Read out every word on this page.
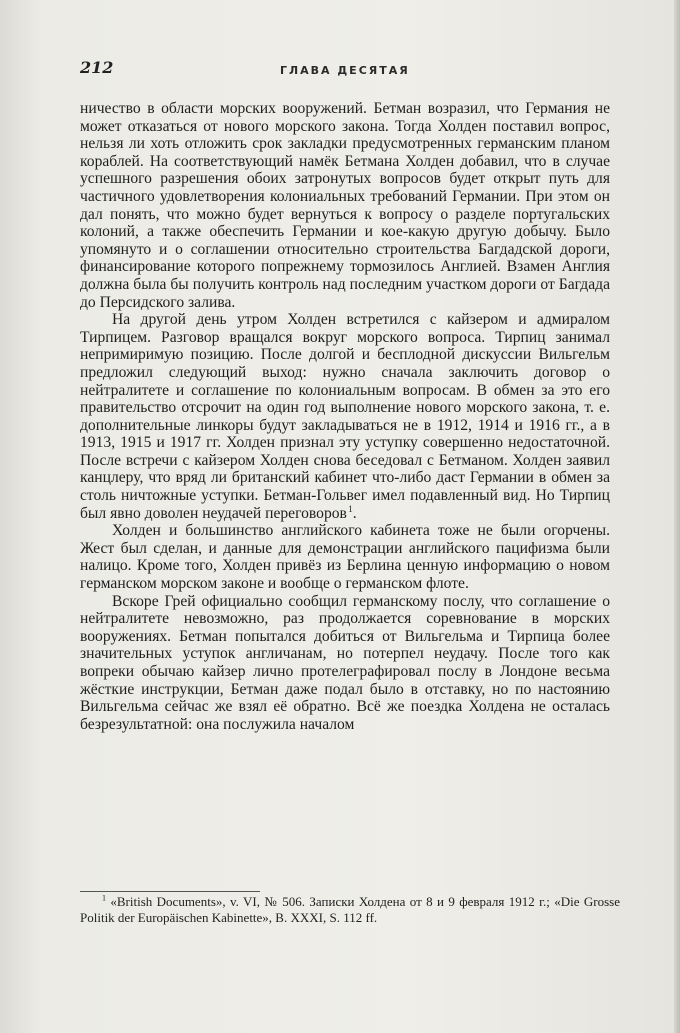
212	ГЛАВА ДЕСЯТАЯ

ничество в области морских вооружений. Бетман возразил, что Германия не может отказаться от нового морского закона. Тогда Холден поставил вопрос, нельзя ли хоть отложить срок закладки предусмотренных германским планом кораблей. На соответствующий намёк Бетмана Холден добавил, что в случае успешного разрешения обоих затронутых вопросов будет открыт путь для частичного удовлетворения колониальных требований Германии. При этом он дал понять, что можно будет вернуться к вопросу о разделе португальских колоний, а также обеспечить Германии и кое-какую другую добычу. Было упомянуто и о соглашении относительно строительства Багдадской дороги, финансирование которого попрежнему тормозилось Англией. Взамен Англия должна была бы получить контроль над последним участком дороги от Багдада до Персидского залива.

На другой день утром Холден встретился с кайзером и адмиралом Тирпицем. Разговор вращался вокруг морского вопроса. Тирпиц занимал непримиримую позицию. После долгой и бесплодной дискуссии Вильгельм предложил следующий выход: нужно сначала заключить договор о нейтралитете и соглашение по колониальным вопросам. В обмен за это его правительство отсрочит на один год выполнение нового морского закона, т. е. дополнительные линкоры будут закладываться не в 1912, 1914 и 1916 гг., а в 1913, 1915 и 1917 гг. Холден признал эту уступку совершенно недостаточной. После встречи с кайзером Холден снова беседовал с Бетманом. Холден заявил канцлеру, что вряд ли британский кабинет что-либо даст Германии в обмен за столь ничтожные уступки. Бетман-Гольвег имел подавленный вид. Но Тирпиц был явно доволен неудачей переговоров $^1$.

Холден и большинство английского кабинета тоже не были огорчены. Жест был сделан, и данные для демонстрации английского пацифизма были налицо. Кроме того, Холден привёз из Берлина ценную информацию о новом германском морском законе и вообще о германском флоте.

Вскоре Грей официально сообщил германскому послу, что соглашение о нейтралитете невозможно, раз продолжается соревнование в морских вооружениях. Бетман попытался добиться от Вильгельма и Тирпица более значительных уступок англичанам, но потерпел неудачу. После того как вопреки обычаю кайзер лично протелеграфировал послу в Лондоне весьма жёсткие инструкции, Бетман даже подал было в отставку, но по настоянию Вильгельма сейчас же взял её обратно. Всё же поездка Холдена не осталась безрезультатной: она послужила началом

$^1$ «British Documents», v. VI, № 506. Записки Холдена от 8 и 9 февраля 1912 г.; «Die Grosse Politik der Europäischen Kabinette», B. XXXI, S. 112 ff.
